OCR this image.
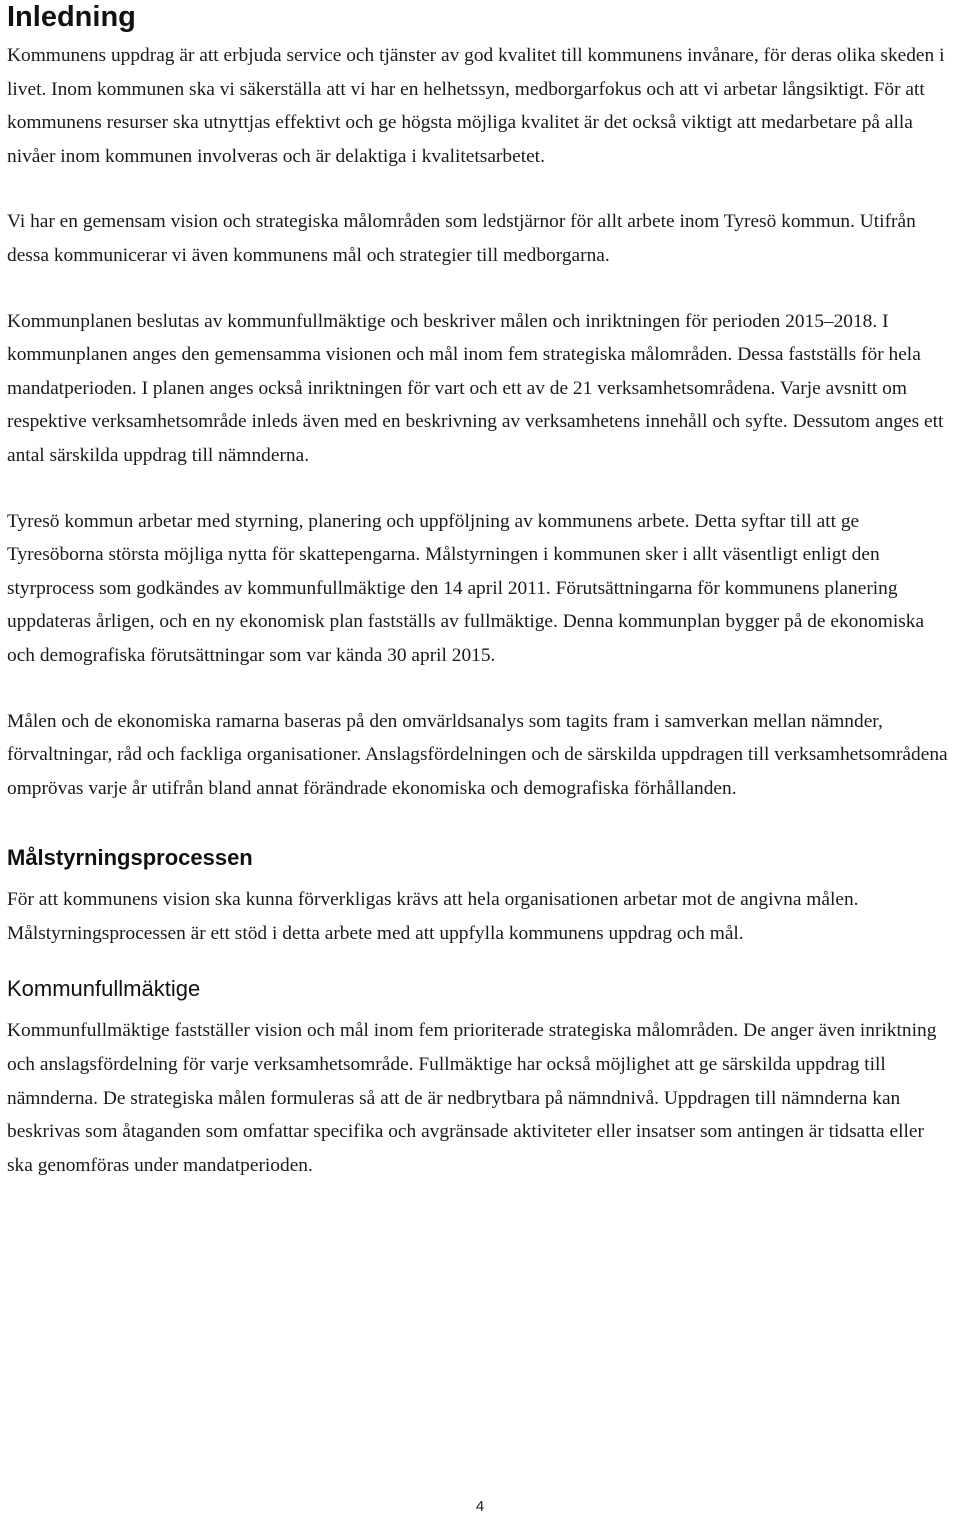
Inledning

Kommunens uppdrag är att erbjuda service och tjänster av god kvalitet till kommunens invånare, för deras olika skeden i livet. Inom kommunen ska vi säkerställa att vi har en helhetssyn, medborgarfokus och att vi arbetar långsiktigt. För att kommunens resurser ska utnyttjas effektivt och ge högsta möjliga kvalitet är det också viktigt att medarbetare på alla nivåer inom kommunen involveras och är delaktiga i kvalitetsarbetet.

Vi har en gemensam vision och strategiska målområden som ledstjärnor för allt arbete inom Tyresö kommun. Utifrån dessa kommunicerar vi även kommunens mål och strategier till medborgarna.

Kommunplanen beslutas av kommunfullmäktige och beskriver målen och inriktningen för perioden 2015–2018. I kommunplanen anges den gemensamma visionen och mål inom fem strategiska målområden. Dessa fastställs för hela mandatperioden. I planen anges också inriktningen för vart och ett av de 21 verksamhetsområdena. Varje avsnitt om respektive verksamhetsområde inleds även med en beskrivning av verksamhetens innehåll och syfte. Dessutom anges ett antal särskilda uppdrag till nämnderna.

Tyresö kommun arbetar med styrning, planering och uppföljning av kommunens arbete. Detta syftar till att ge Tyresöborna största möjliga nytta för skattepengarna. Målstyrningen i kommunen sker i allt väsentligt enligt den styrprocess som godkändes av kommunfullmäktige den 14 april 2011. Förutsättningarna för kommunens planering uppdateras årligen, och en ny ekonomisk plan fastställs av fullmäktige. Denna kommunplan bygger på de ekonomiska och demografiska förutsättningar som var kända 30 april 2015.

Målen och de ekonomiska ramarna baseras på den omvärldsanalys som tagits fram i samverkan mellan nämnder, förvaltningar, råd och fackliga organisationer. Anslagsfördelningen och de särskilda uppdragen till verksamhetsområdena omprövas varje år utifrån bland annat förändrade ekonomiska och demografiska förhållanden.

Målstyrningsprocessen

För att kommunens vision ska kunna förverkligas krävs att hela organisationen arbetar mot de angivna målen. Målstyrningsprocessen är ett stöd i detta arbete med att uppfylla kommunens uppdrag och mål.

Kommunfullmäktige

Kommunfullmäktige fastställer vision och mål inom fem prioriterade strategiska målområden. De anger även inriktning och anslagsfördelning för varje verksamhetsområde. Fullmäktige har också möjlighet att ge särskilda uppdrag till nämnderna. De strategiska målen formuleras så att de är nedbrytbara på nämndnivå. Uppdragen till nämnderna kan beskrivas som åtaganden som omfattar specifika och avgränsade aktiviteter eller insatser som antingen är tidsatta eller ska genomföras under mandatperioden.

4
